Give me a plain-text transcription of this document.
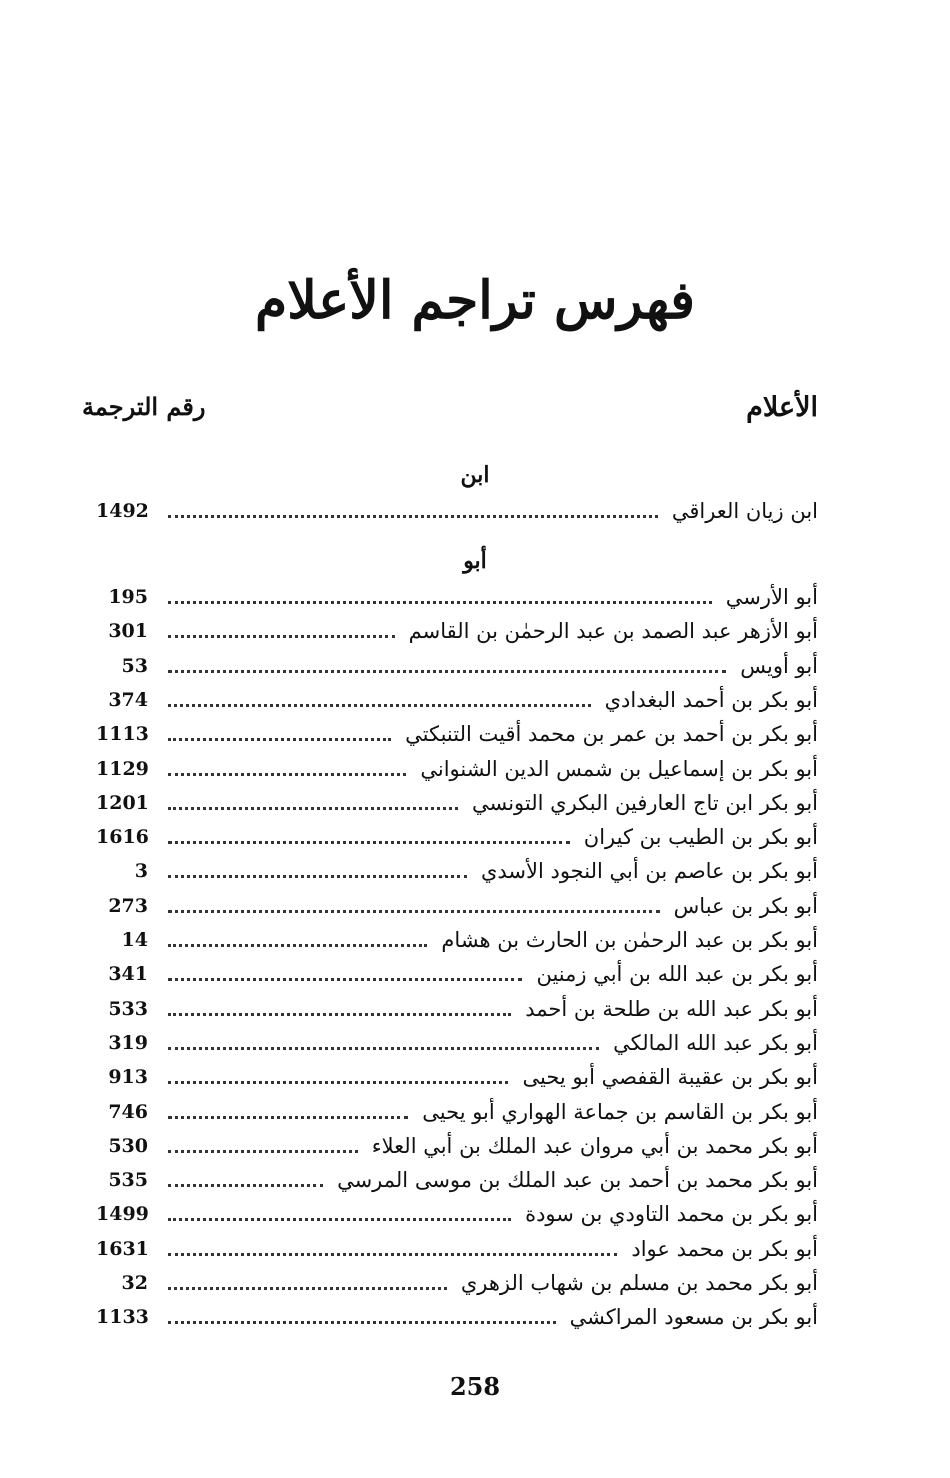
فهرس تراجم الأعلام
الأعلام
رقم الترجمة
ابن
ابن زيان العراقي
1492
أبو
أبو الأرسي
195
أبو الأزهر عبد الصمد بن عبد الرحمٰن بن القاسم
301
أبو أويس
53
أبو بكر بن أحمد البغدادي
374
أبو بكر بن أحمد بن عمر بن محمد أقيت التنبكتي
1113
أبو بكر بن إسماعيل بن شمس الدين الشنواني
1129
أبو بكر ابن تاج العارفين البكري التونسي
1201
أبو بكر بن الطيب بن كيران
1616
أبو بكر بن عاصم بن أبي النجود الأسدي
3
أبو بكر بن عباس
273
أبو بكر بن عبد الرحمٰن بن الحارث بن هشام
14
أبو بكر بن عبد الله بن أبي زمنين
341
أبو بكر عبد الله بن طلحة بن أحمد
533
أبو بكر عبد الله المالكي
319
أبو بكر بن عقيبة القفصي أبو يحيى
913
أبو بكر بن القاسم بن جماعة الهواري أبو يحيى
746
أبو بكر محمد بن أبي مروان عبد الملك بن أبي العلاء
530
أبو بكر محمد بن أحمد بن عبد الملك بن موسى المرسي
535
أبو بكر بن محمد التاودي بن سودة
1499
أبو بكر بن محمد عواد
1631
أبو بكر محمد بن مسلم بن شهاب الزهري
32
أبو بكر بن مسعود المراكشي
1133
258
